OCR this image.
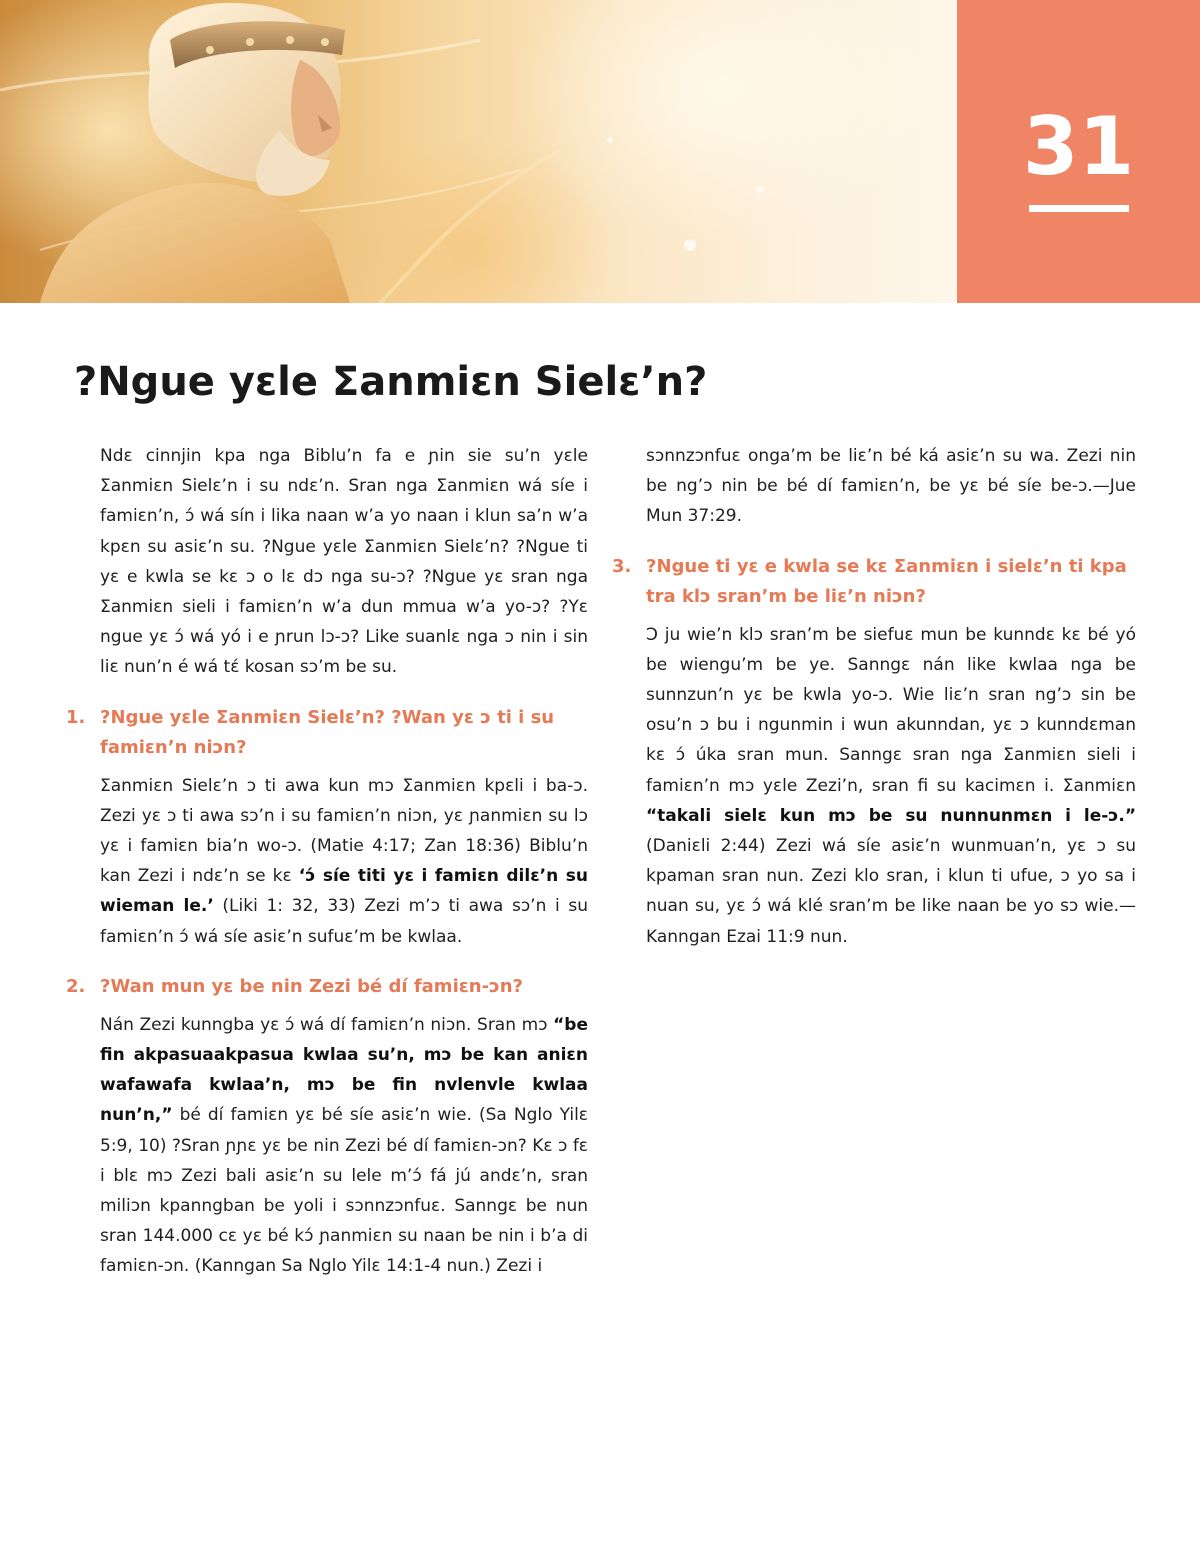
31
?Ngue yɛle Ʃanmiɛn Sielɛ’n?

Ndɛ cinnjin kpa nga Biblu’n fa e ɲin sie su’n yɛle Ʃanmiɛn Sielɛ’n i su ndɛ’n. Sran nga Ʃanmiɛn wá síe i famiɛn’n, ɔ́ wá sín i lika naan w’a yo naan i klun sa’n w’a kpɛn su asiɛ’n su. ?Ngue yɛle Ʃanmiɛn Sielɛ’n? ?Ngue ti yɛ e kwla se kɛ ɔ o lɛ dɔ nga su-ɔ? ?Ngue yɛ sran nga Ʃanmiɛn sieli i famiɛn’n w’a dun mmua w’a yo-ɔ? ?Yɛ ngue yɛ ɔ́ wá yó i e ɲrun lɔ-ɔ? Like suanlɛ nga ɔ nin i sin liɛ nun’n é wá tɛ́ kosan sɔ’m be su.

1. ?Ngue yɛle Ʃanmiɛn Sielɛ’n? ?Wan yɛ ɔ ti i su famiɛn’n niɔn?

Ʃanmiɛn Sielɛ’n ɔ ti awa kun mɔ Ʃanmiɛn kpɛli i ba-ɔ. Zezi yɛ ɔ ti awa sɔ’n i su famiɛn’n niɔn, yɛ ɲanmiɛn su lɔ yɛ i famiɛn bia’n wo-ɔ. (Matie 4:17; Zan 18:36) Biblu’n kan Zezi i ndɛ’n se kɛ ‘ɔ́ síe titi yɛ i famiɛn dilɛ’n su wieman le.’ (Liki 1: 32, 33) Zezi m’ɔ ti awa sɔ’n i su famiɛn’n ɔ́ wá síe asiɛ’n sufuɛ’m be kwlaa.

2. ?Wan mun yɛ be nin Zezi bé dí famiɛn-ɔn?

Nán Zezi kunngba yɛ ɔ́ wá dí famiɛn’n niɔn. Sran mɔ “be fin akpasuaakpasua kwlaa su’n, mɔ be kan aniɛn wafawafa kwlaa’n, mɔ be fin nvlenvle kwlaa nun’n,” bé dí famiɛn yɛ bé síe asiɛ’n wie. (Sa Nglo Yilɛ 5:9, 10) ?Sran ɲɲɛ yɛ be nin Zezi bé dí famiɛn-ɔn? Kɛ ɔ fɛ i blɛ mɔ Zezi bali asiɛ’n su lele m’ɔ́ fá jú andɛ’n, sran miliɔn kpanngban be yoli i sɔnnzɔnfuɛ. Sanngɛ be nun sran 144.000 cɛ yɛ bé kɔ́ ɲanmiɛn su naan be nin i b’a di famiɛn-ɔn. (Kanngan Sa Nglo Yilɛ 14:1-4 nun.) Zezi i

sɔnnzɔnfuɛ onga’m be liɛ’n bé ká asiɛ’n su wa. Zezi nin be ng’ɔ nin be bé dí famiɛn’n, be yɛ bé síe be-ɔ.—Jue Mun 37:29.

3. ?Ngue ti yɛ e kwla se kɛ Ʃanmiɛn i sielɛ’n ti kpa tra klɔ sran’m be liɛ’n niɔn?

Ɔ ju wie’n klɔ sran’m be siefuɛ mun be kunndɛ kɛ bé yó be wiengu’m be ye. Sanngɛ nán like kwlaa nga be sunnzun’n yɛ be kwla yo-ɔ. Wie liɛ’n sran ng’ɔ sin be osu’n ɔ bu i ngunmin i wun akunndan, yɛ ɔ kunndɛman kɛ ɔ́ úka sran mun. Sanngɛ sran nga Ʃanmiɛn sieli i famiɛn’n mɔ yɛle Zezi’n, sran fi su kacimɛn i. Ʃanmiɛn “takali sielɛ kun mɔ be su nunnunmɛn i le-ɔ.” (Daniɛli 2:44) Zezi wá síe asiɛ’n wunmuan’n, yɛ ɔ su kpaman sran nun. Zezi klo sran, i klun ti ufue, ɔ yo sa i nuan su, yɛ ɔ́ wá klé sran’m be like naan be yo sɔ wie.—Kanngan Ezai 11:9 nun.
